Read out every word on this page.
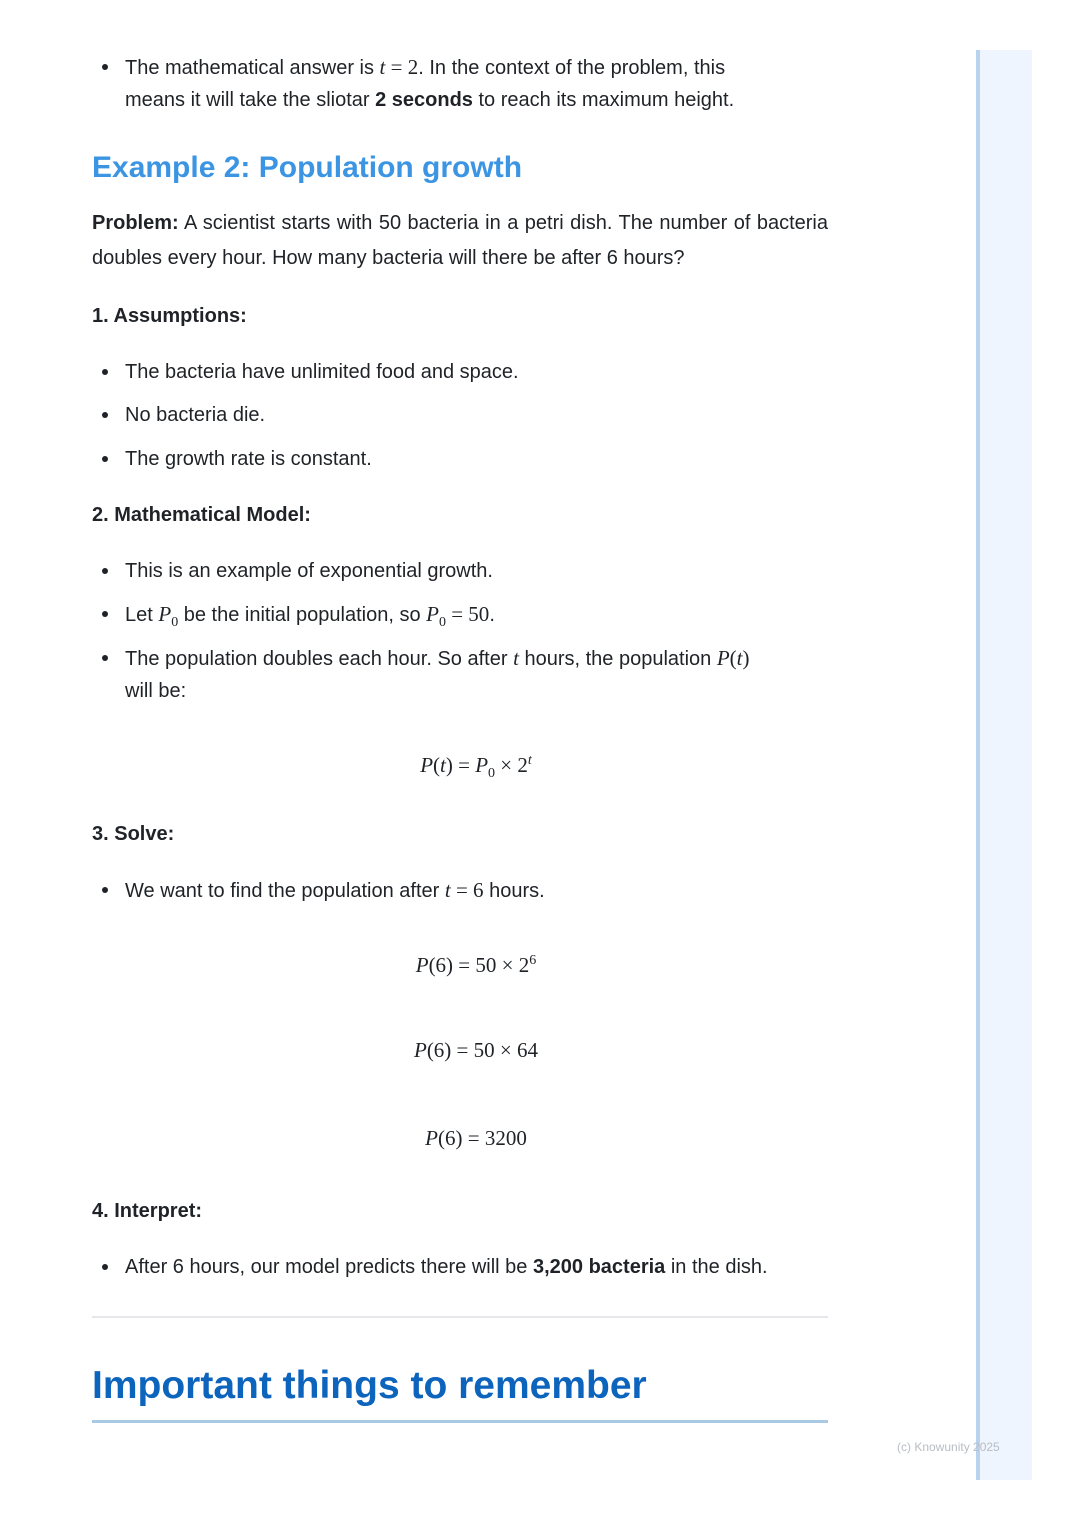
The mathematical answer is t = 2. In the context of the problem, this
means it will take the sliotar 2 seconds to reach its maximum height.
Example 2: Population growth

Problem: A scientist starts with 50 bacteria in a petri dish. The number of bacteria doubles every hour. How many bacteria will there be after 6 hours?

1. Assumptions:
The bacteria have unlimited food and space.
No bacteria die.
The growth rate is constant.
2. Mathematical Model:
This is an example of exponential growth.
Let $P_0$ be the initial population, so $P_0 = 50$.
The population doubles each hour. So after t hours, the population P(t)
will be:
$P(t) = P_0 \times 2^t$
3. Solve:
We want to find the population after t = 6 hours.
$P(6) = 50 \times 2^6$
P(6) = 50 × 64
P(6) = 3200
4. Interpret:
After 6 hours, our model predicts there will be 3,200 bacteria in the dish.
Important things to remember
(c) Knowunity 2025
